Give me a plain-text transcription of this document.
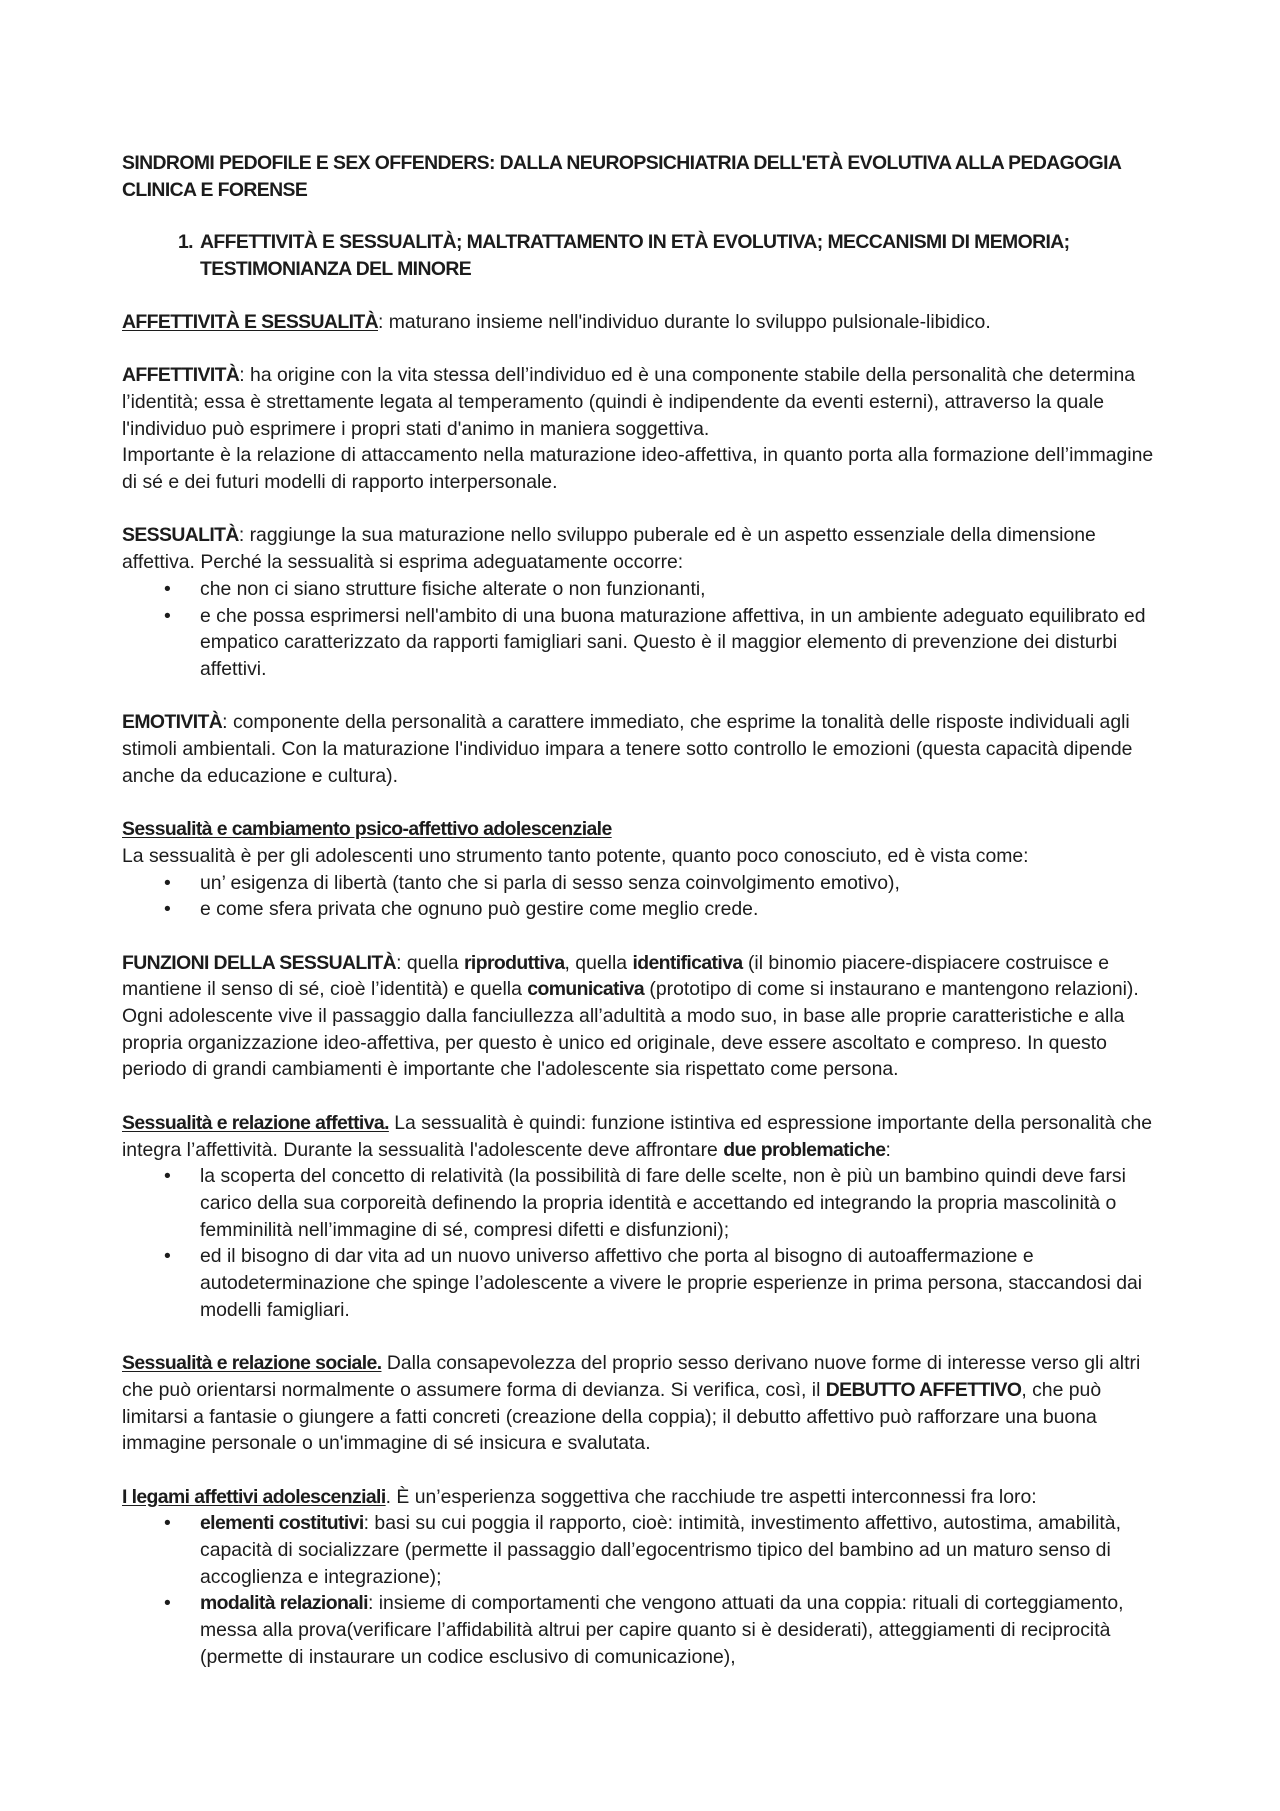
SINDROMI PEDOFILE E SEX OFFENDERS: DALLA NEUROPSICHIATRIA DELL'ETÀ EVOLUTIVA ALLA PEDAGOGIA CLINICA E FORENSE
1. AFFETTIVITÀ E SESSUALITÀ; MALTRATTAMENTO IN ETÀ EVOLUTIVA; MECCANISMI DI MEMORIA; TESTIMONIANZA DEL MINORE

AFFETTIVITÀ E SESSUALITÀ: maturano insieme nell'individuo durante lo sviluppo pulsionale-libidico.

AFFETTIVITÀ: ha origine con la vita stessa dell’individuo ed è una componente stabile della personalità che determina l’identità; essa è strettamente legata al temperamento (quindi è indipendente da eventi esterni), attraverso la quale l'individuo può esprimere i propri stati d'animo in maniera soggettiva.

Importante è la relazione di attaccamento nella maturazione ideo-affettiva, in quanto porta alla formazione dell’immagine di sé e dei futuri modelli di rapporto interpersonale.

SESSUALITÀ: raggiunge la sua maturazione nello sviluppo puberale ed è un aspetto essenziale della dimensione affettiva. Perché la sessualità si esprima adeguatamente occorre:

• che non ci siano strutture fisiche alterate o non funzionanti,
• e che possa esprimersi nell'ambito di una buona maturazione affettiva, in un ambiente adeguato equilibrato ed empatico caratterizzato da rapporti famigliari sani. Questo è il maggior elemento di prevenzione dei disturbi affettivi.

EMOTIVITÀ: componente della personalità a carattere immediato, che esprime la tonalità delle risposte individuali agli stimoli ambientali. Con la maturazione l'individuo impara a tenere sotto controllo le emozioni (questa capacità dipende anche da educazione e cultura).

Sessualità e cambiamento psico-affettivo adolescenziale

La sessualità è per gli adolescenti uno strumento tanto potente, quanto poco conosciuto, ed è vista come:

• un’ esigenza di libertà (tanto che si parla di sesso senza coinvolgimento emotivo),
• e come sfera privata che ognuno può gestire come meglio crede.

FUNZIONI DELLA SESSUALITÀ: quella riproduttiva, quella identificativa (il binomio piacere-dispiacere costruisce e mantiene il senso di sé, cioè l’identità) e quella comunicativa (prototipo di come si instaurano e mantengono relazioni). Ogni adolescente vive il passaggio dalla fanciullezza all’adultità a modo suo, in base alle proprie caratteristiche e alla propria organizzazione ideo-affettiva, per questo è unico ed originale, deve essere ascoltato e compreso. In questo periodo di grandi cambiamenti è importante che l'adolescente sia rispettato come persona.

Sessualità e relazione affettiva. La sessualità è quindi: funzione istintiva ed espressione importante della personalità che integra l’affettività. Durante la sessualità l'adolescente deve affrontare due problematiche:

• la scoperta del concetto di relatività (la possibilità di fare delle scelte, non è più un bambino quindi deve farsi carico della sua corporeità definendo la propria identità e accettando ed integrando la propria mascolinità o femminilità nell’immagine di sé, compresi difetti e disfunzioni);
• ed il bisogno di dar vita ad un nuovo universo affettivo che porta al bisogno di autoaffermazione e autodeterminazione che spinge l’adolescente a vivere le proprie esperienze in prima persona, staccandosi dai modelli famigliari.

Sessualità e relazione sociale. Dalla consapevolezza del proprio sesso derivano nuove forme di interesse verso gli altri che può orientarsi normalmente o assumere forma di devianza. Si verifica, così, il DEBUTTO AFFETTIVO, che può limitarsi a fantasie o giungere a fatti concreti (creazione della coppia); il debutto affettivo può rafforzare una buona immagine personale o un'immagine di sé insicura e svalutata.

I legami affettivi adolescenziali. È un’esperienza soggettiva che racchiude tre aspetti interconnessi fra loro:

• elementi costitutivi: basi su cui poggia il rapporto, cioè: intimità, investimento affettivo, autostima, amabilità, capacità di socializzare (permette il passaggio dall’egocentrismo tipico del bambino ad un maturo senso di accoglienza e integrazione);
• modalità relazionali: insieme di comportamenti che vengono attuati da una coppia: rituali di corteggiamento, messa alla prova(verificare l’affidabilità altrui per capire quanto si è desiderati), atteggiamenti di reciprocità (permette di instaurare un codice esclusivo di comunicazione),
